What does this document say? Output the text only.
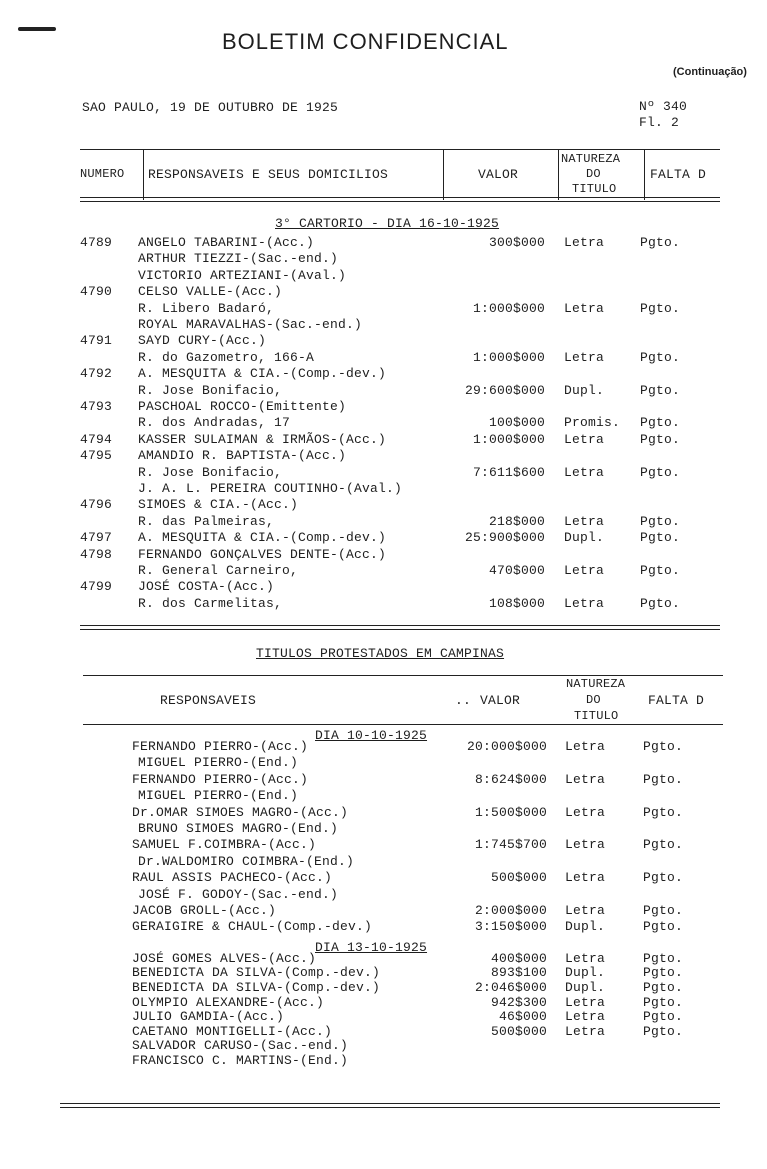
BOLETIM CONFIDENCIAL
(Continuação)
SAO PAULO, 19 DE OUTUBRO DE 1925	Nº 340
Fl. 2
NUMERO RESPONSAVEIS E SEUS DOMICILIOS	VALOR
NATUREZA
DO
TITULO
FALTA D
3° CARTORIO - DIA 16-10-1925
4789 ANGELO TABARINI-(Acc.)	300$000 Letra	Pgto.
ARTHUR TIEZZI-(Sac.-end.)
VICTORIO ARTEZIANI-(Aval.)
4790 CELSO VALLE-(Acc.)
R. Libero Badaró,	1:000$000 Letra	Pgto.
ROYAL MARAVALHAS-(Sac.-end.)
4791 SAYD CURY-(Acc.)
R. do Gazometro, 166-A	1:000$000 Letra	Pgto.
4792 A. MESQUITA & CIA.-(Comp.-dev.)
R. Jose Bonifacio,	29:600$000 Dupl.	Pgto.
4793 PASCHOAL ROCCO-(Emittente)
R. dos Andradas, 17	100$000 Promis. Pgto.
4794 KASSER SULAIMAN & IRMÃOS-(Acc.)	1:000$000 Letra	Pgto.
4795 AMANDIO R. BAPTISTA-(Acc.)
R. Jose Bonifacio,	7:611$600 Letra	Pgto.
J. A. L. PEREIRA COUTINHO-(Aval.)
4796 SIMOES & CIA.-(Acc.)
R. das Palmeiras,	218$000 Letra	Pgto.
4797 A. MESQUITA & CIA.-(Comp.-dev.)	25:900$000 Dupl.	Pgto.
4798 FERNANDO GONÇALVES DENTE-(Acc.)
R. General Carneiro,	470$000 Letra	Pgto.
4799 JOSÉ COSTA-(Acc.)
R. dos Carmelitas,	108$000 Letra	Pgto.
TITULOS PROTESTADOS EM CAMPINAS
RESPONSAVEIS	.. VALOR
NATUREZA
DO
TITULO
FALTA D
DIA 10-10-1925
FERNANDO PIERRO-(Acc.)	20:000$000 Letra	Pgto.
MIGUEL PIERRO-(End.)
FERNANDO PIERRO-(Acc.)	8:624$000 Letra	Pgto.
MIGUEL PIERRO-(End.)
Dr.OMAR SIMOES MAGRO-(Acc.)	1:500$000 Letra	Pgto.
BRUNO SIMOES MAGRO-(End.)
SAMUEL F.COIMBRA-(Acc.)	1:745$700 Letra	Pgto.
Dr.WALDOMIRO COIMBRA-(End.)
RAUL ASSIS PACHECO-(Acc.)	500$000 Letra	Pgto.
JOSÉ F. GODOY-(Sac.-end.)
JACOB GROLL-(Acc.)	2:000$000 Letra	Pgto.
GERAIGIRE & CHAUL-(Comp.-dev.)	3:150$000 Dupl.	Pgto.
DIA 13-10-1925
JOSÉ GOMES ALVES-(Acc.)	400$000 Letra	Pgto.
BENEDICTA DA SILVA-(Comp.-dev.)	893$100 Dupl.	Pgto.
BENEDICTA DA SILVA-(Comp.-dev.)	2:046$000 Dupl.	Pgto.
OLYMPIO ALEXANDRE-(Acc.)	942$300 Letra	Pgto.
JULIO GAMDIA-(Acc.)	46$000 Letra	Pgto.
CAETANO MONTIGELLI-(Acc.)	500$000 Letra	Pgto.
SALVADOR CARUSO-(Sac.-end.)
FRANCISCO C. MARTINS-(End.)
